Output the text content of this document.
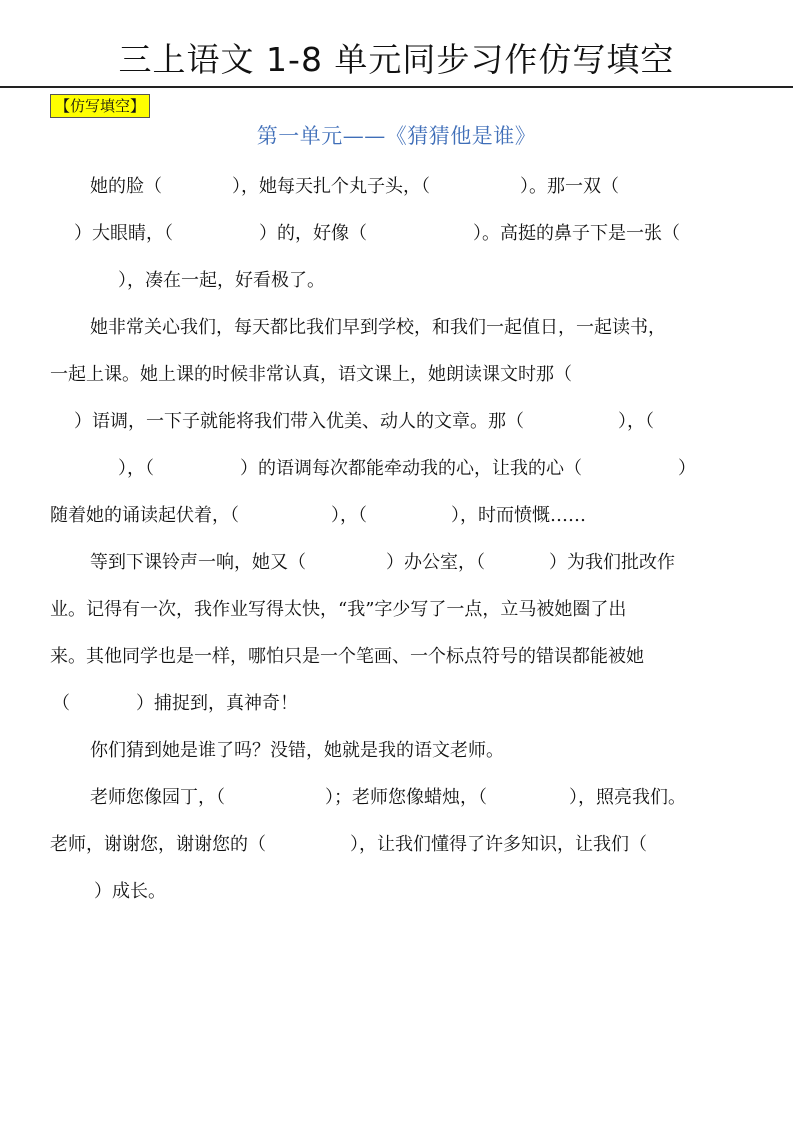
三上语文 1-8 单元同步习作仿写填空
【仿写填空】
第一单元——《猜猜他是谁》
她的脸（	），她每天扎个丸子头，（	）。那一双（
）大眼睛，（	）的，好像（	）。高挺的鼻子下是一张（
），凑在一起，好看极了。
她非常关心我们，每天都比我们早到学校，和我们一起值日，一起读书，
一起上课。她上课的时候非常认真，语文课上，她朗读课文时那（
）语调，一下子就能将我们带入优美、动人的文章。那（	），（
），（	）的语调每次都能牵动我的心，让我的心（	）
随着她的诵读起伏着，（	），（	），时而愤慨……
等到下课铃声一响，她又（	）办公室，（	）为我们批改作
业。记得有一次，我作业写得太快，“我”字少写了一点，立马被她圈了出
来。其他同学也是一样，哪怕只是一个笔画、一个标点符号的错误都能被她
（	）捕捉到，真神奇！
你们猜到她是谁了吗？没错，她就是我的语文老师。
老师您像园丁，（	）；老师您像蜡烛，（	），照亮我们。
老师，谢谢您，谢谢您的（	），让我们懂得了许多知识，让我们（
）成长。
